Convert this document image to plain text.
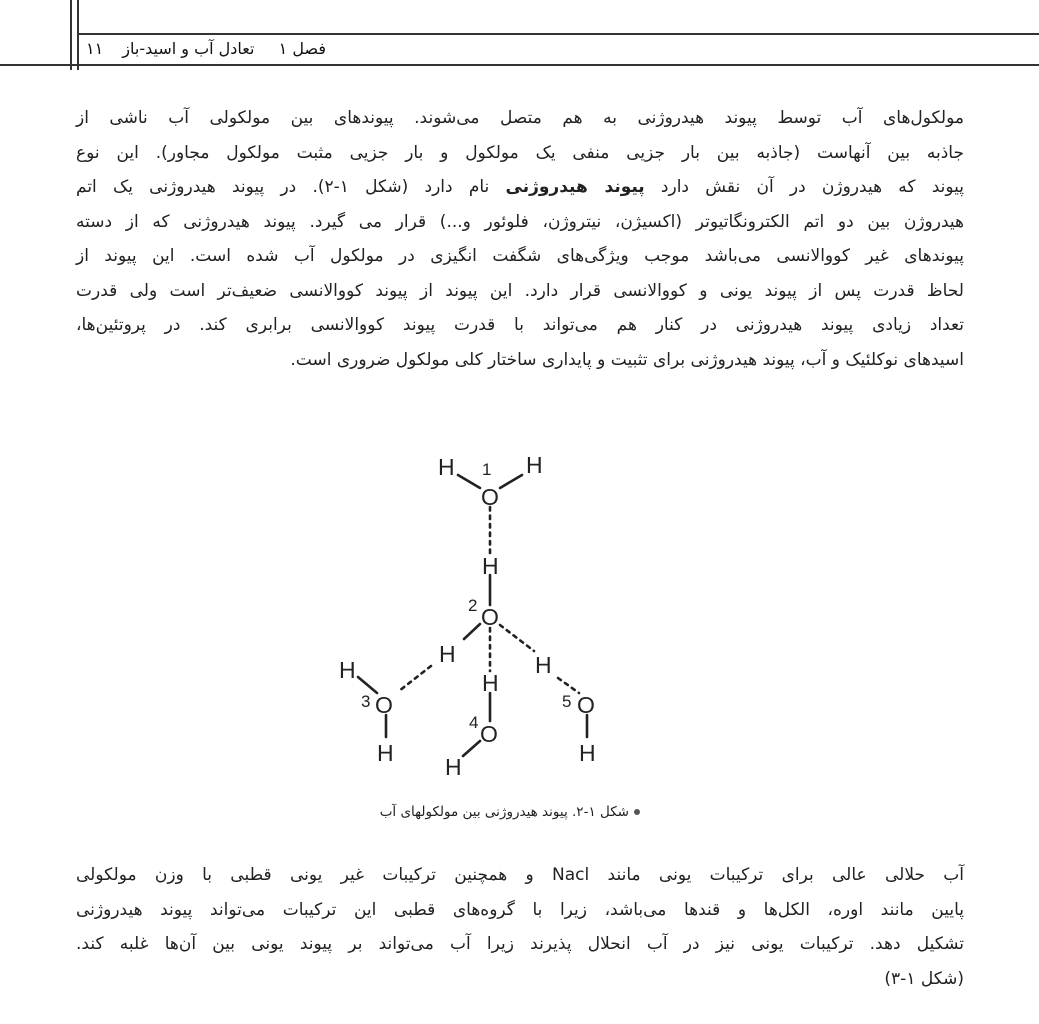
فصل ۱  تعادل آب و اسید-باز ۱۱
مولکول‌های آب توسط پیوند هیدروژنی به هم متصل می‌شوند. پیوندهای بین مولکولی آب ناشی از
جاذبه بین آنهاست (جاذبه بین بار جزیی منفی یک مولکول و بار جزیی مثبت مولکول مجاور). این نوع
پیوند که هیدروژن در آن نقش دارد پیوند هیدروژنی نام دارد (شکل ۱-۲). در پیوند هیدروژنی یک اتم
هیدروژن بین دو اتم الکترونگاتیوتر (اکسیژن، نیتروژن، فلوئور و...) قرار می گیرد. پیوند هیدروژنی که از دسته
پیوندهای غیر کووالانسی می‌باشد موجب ویژگی‌های شگفت انگیزی در مولکول آب شده است. این پیوند از
لحاظ قدرت پس از پیوند یونی و کووالانسی قرار دارد. این پیوند از پیوند کووالانسی ضعیف‌تر است ولی قدرت
تعداد زیادی پیوند هیدروژنی در کنار هم می‌تواند با قدرت پیوند کووالانسی برابری کند. در پروتئین‌ها،
اسیدهای نوکلئیک و آب، پیوند هیدروژنی برای تثبیت و پایداری ساختار کلی مولکول ضروری است.
H	H
O
1
H
O
2
H	H
H
O
3
H
H
O
4
H
O
5
H
شکل ۱-۲. پیوند هیدروژنی بین مولکولهای آب
آب حلالی عالی برای ترکیبات یونی مانند Nacl و همچنین ترکیبات غیر یونی قطبی با وزن مولکولی
پایین مانند اوره، الکل‌ها و قندها می‌باشد، زیرا با گروه‌های قطبی این ترکیبات می‌تواند پیوند هیدروژنی
تشکیل دهد. ترکیبات یونی نیز در آب انحلال پذیرند زیرا آب می‌تواند بر پیوند یونی بین آن‌ها غلبه کند.
(شکل ۱-۳)
